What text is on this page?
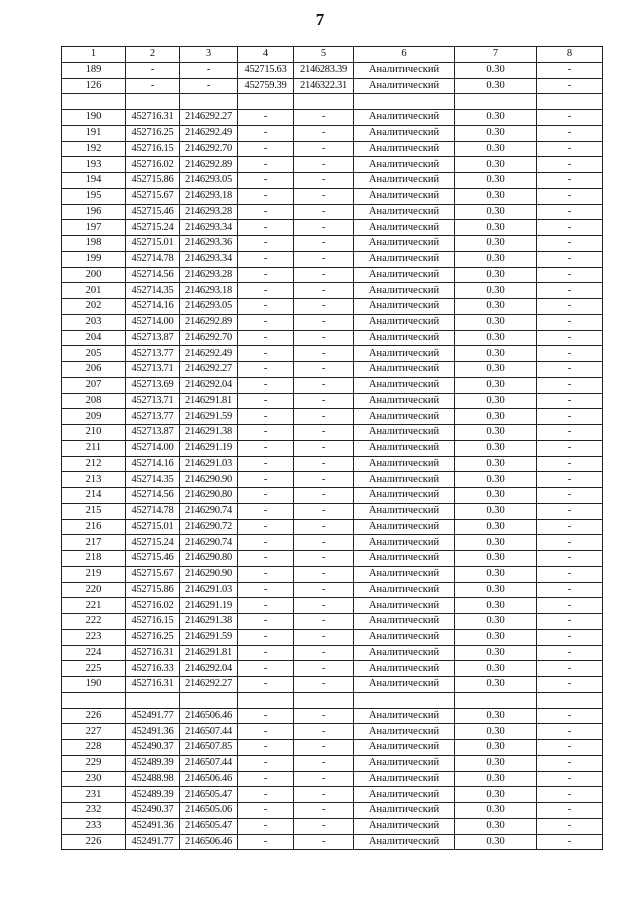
7
1	2	3	4	5	6	7	8
189	-	-	452715.63	2146283.39	Аналитический	0.30	-
126	-	-	452759.39	2146322.31	Аналитический	0.30	-

190	452716.31	2146292.27	-	-	Аналитический	0.30	-
191	452716.25	2146292.49	-	-	Аналитический	0.30	-
192	452716.15	2146292.70	-	-	Аналитический	0.30	-
193	452716.02	2146292.89	-	-	Аналитический	0.30	-
194	452715.86	2146293.05	-	-	Аналитический	0.30	-
195	452715.67	2146293.18	-	-	Аналитический	0.30	-
196	452715.46	2146293.28	-	-	Аналитический	0.30	-
197	452715.24	2146293.34	-	-	Аналитический	0.30	-
198	452715.01	2146293.36	-	-	Аналитический	0.30	-
199	452714.78	2146293.34	-	-	Аналитический	0.30	-
200	452714.56	2146293.28	-	-	Аналитический	0.30	-
201	452714.35	2146293.18	-	-	Аналитический	0.30	-
202	452714.16	2146293.05	-	-	Аналитический	0.30	-
203	452714.00	2146292.89	-	-	Аналитический	0.30	-
204	452713.87	2146292.70	-	-	Аналитический	0.30	-
205	452713.77	2146292.49	-	-	Аналитический	0.30	-
206	452713.71	2146292.27	-	-	Аналитический	0.30	-
207	452713.69	2146292.04	-	-	Аналитический	0.30	-
208	452713.71	2146291.81	-	-	Аналитический	0.30	-
209	452713.77	2146291.59	-	-	Аналитический	0.30	-
210	452713.87	2146291.38	-	-	Аналитический	0.30	-
211	452714.00	2146291.19	-	-	Аналитический	0.30	-
212	452714.16	2146291.03	-	-	Аналитический	0.30	-
213	452714.35	2146290.90	-	-	Аналитический	0.30	-
214	452714.56	2146290.80	-	-	Аналитический	0.30	-
215	452714.78	2146290.74	-	-	Аналитический	0.30	-
216	452715.01	2146290.72	-	-	Аналитический	0.30	-
217	452715.24	2146290.74	-	-	Аналитический	0.30	-
218	452715.46	2146290.80	-	-	Аналитический	0.30	-
219	452715.67	2146290.90	-	-	Аналитический	0.30	-
220	452715.86	2146291.03	-	-	Аналитический	0.30	-
221	452716.02	2146291.19	-	-	Аналитический	0.30	-
222	452716.15	2146291.38	-	-	Аналитический	0.30	-
223	452716.25	2146291.59	-	-	Аналитический	0.30	-
224	452716.31	2146291.81	-	-	Аналитический	0.30	-
225	452716.33	2146292.04	-	-	Аналитический	0.30	-
190	452716.31	2146292.27	-	-	Аналитический	0.30	-

226	452491.77	2146506.46	-	-	Аналитический	0.30	-
227	452491.36	2146507.44	-	-	Аналитический	0.30	-
228	452490.37	2146507.85	-	-	Аналитический	0.30	-
229	452489.39	2146507.44	-	-	Аналитический	0.30	-
230	452488.98	2146506.46	-	-	Аналитический	0.30	-
231	452489.39	2146505.47	-	-	Аналитический	0.30	-
232	452490.37	2146505.06	-	-	Аналитический	0.30	-
233	452491.36	2146505.47	-	-	Аналитический	0.30	-
226	452491.77	2146506.46	-	-	Аналитический	0.30	-
